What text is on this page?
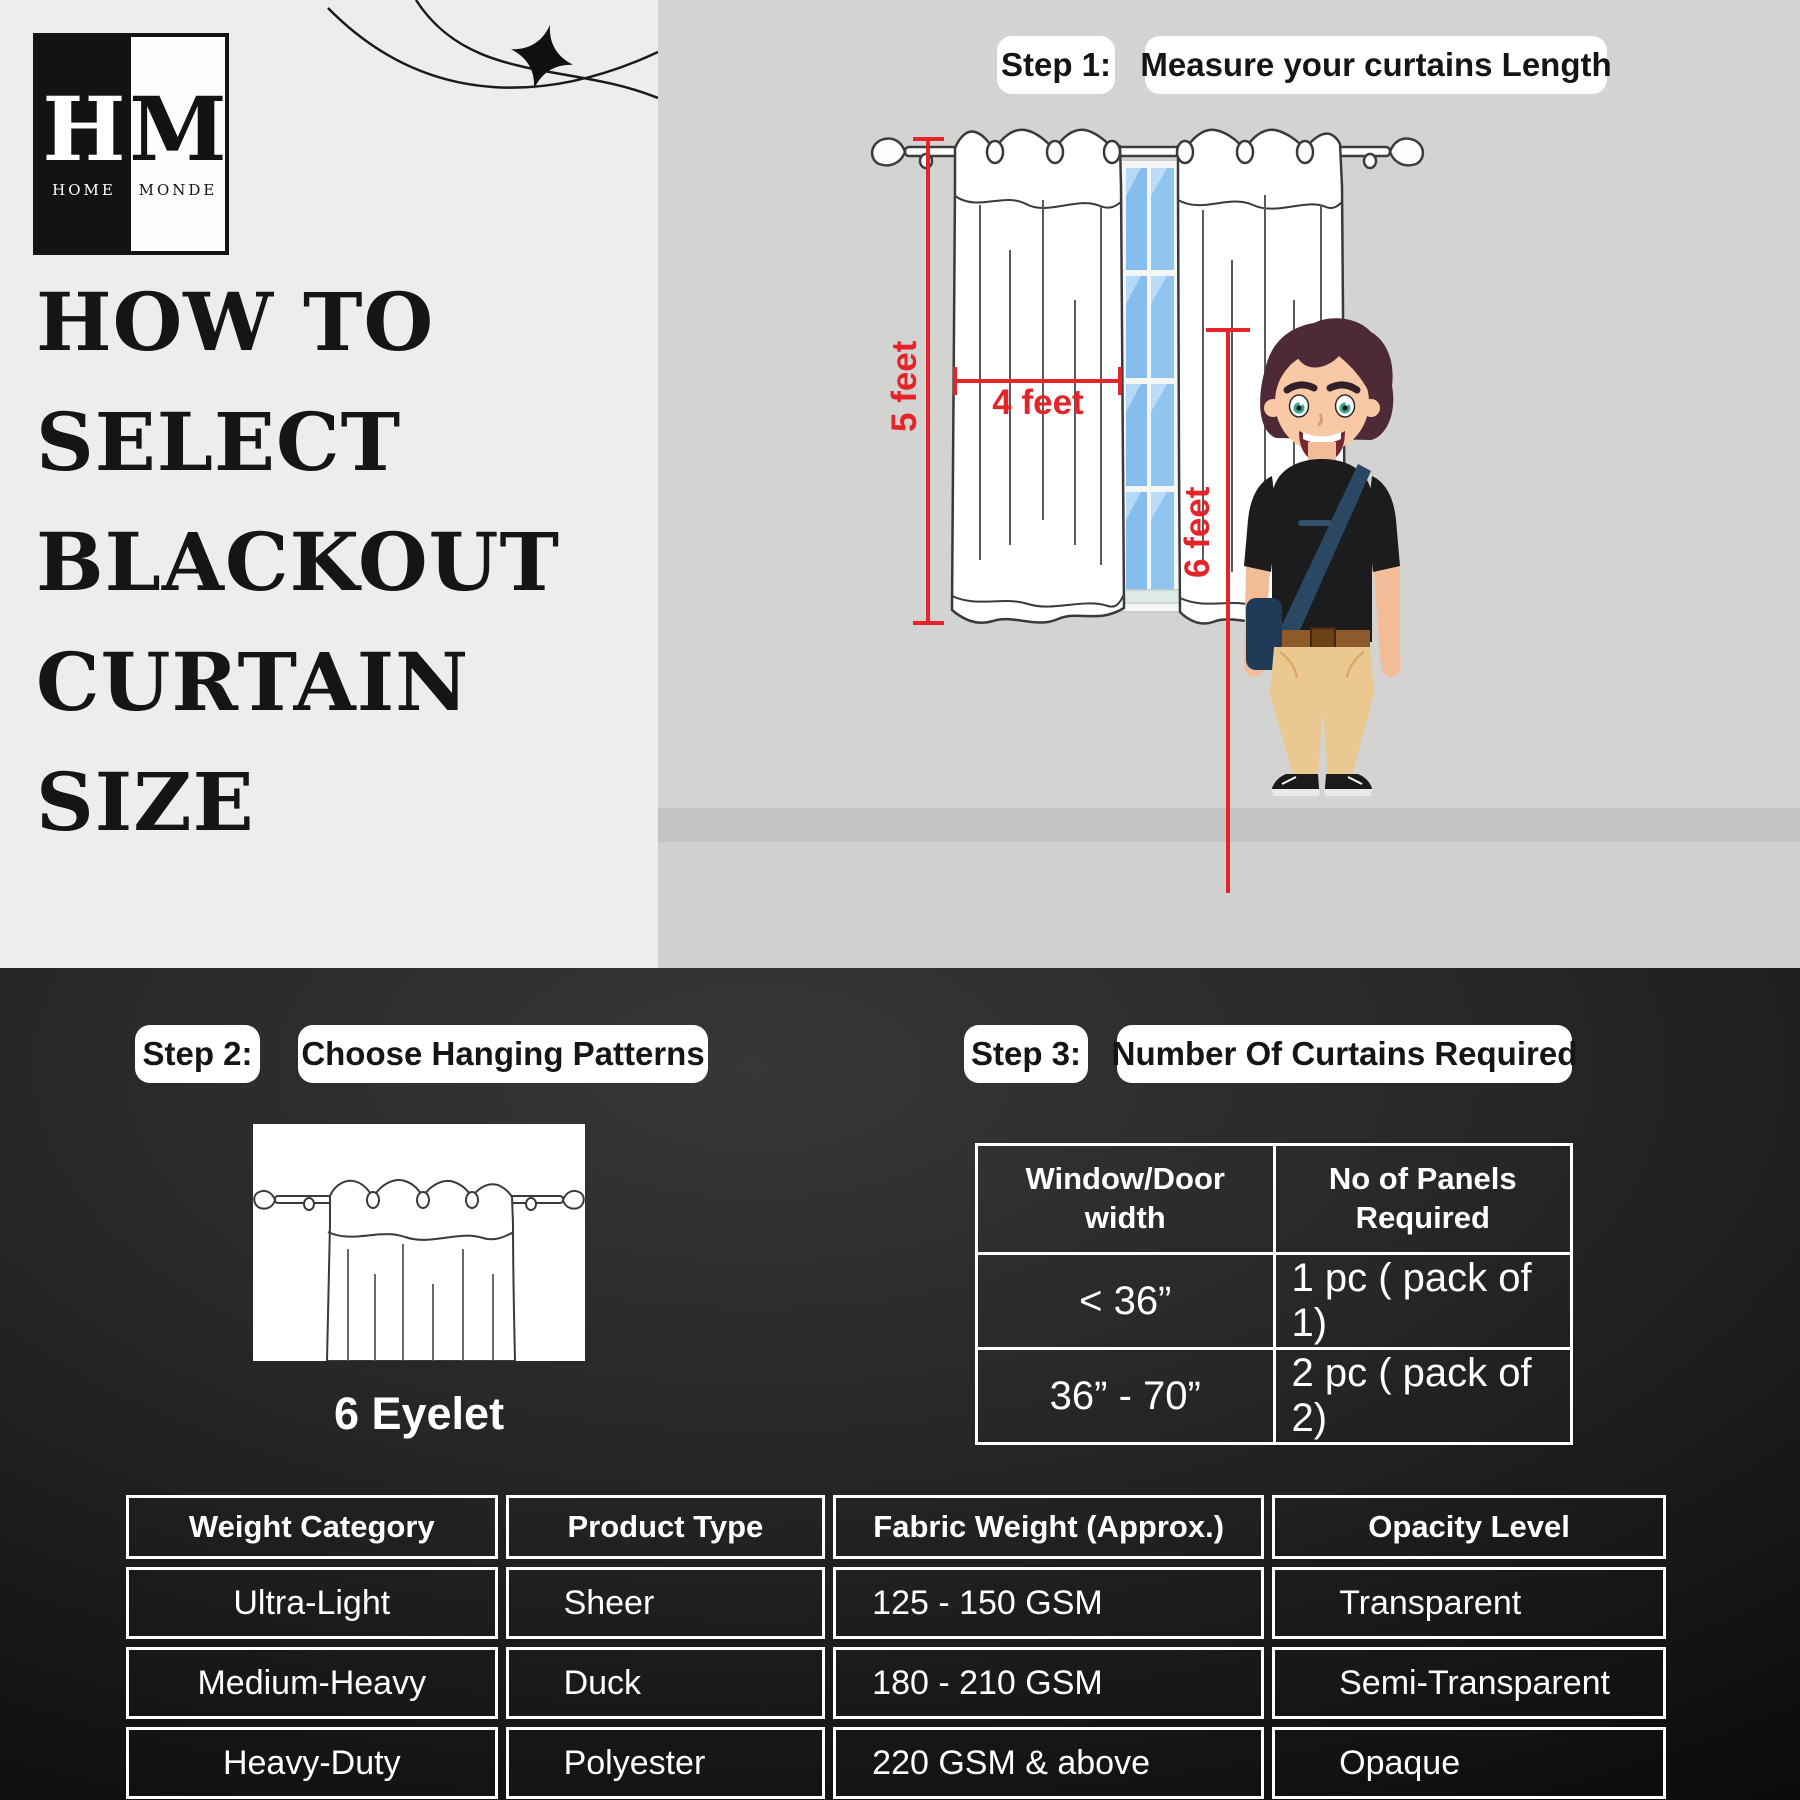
H
HOME
M
MONDE
HOW TO
SELECT
BLACKOUT
CURTAIN
SIZE
5 feet 4 feet
6 feet
Step 1: Measure your curtains Length
Step 2: Choose Hanging Patterns	Step 3: Number Of Curtains Required
6 Eyelet
Window/Door width	No of Panels Required
< 36”	1 pc ( pack of 1)
36” - 70”	2 pc ( pack of 2)
Weight Category	Product Type	Fabric Weight (Approx.)	Opacity Level
Ultra-Light	Sheer	125 - 150 GSM	Transparent
Medium-Heavy	Duck	180 - 210 GSM	Semi-Transparent
Heavy-Duty	Polyester	220 GSM & above	Opaque
